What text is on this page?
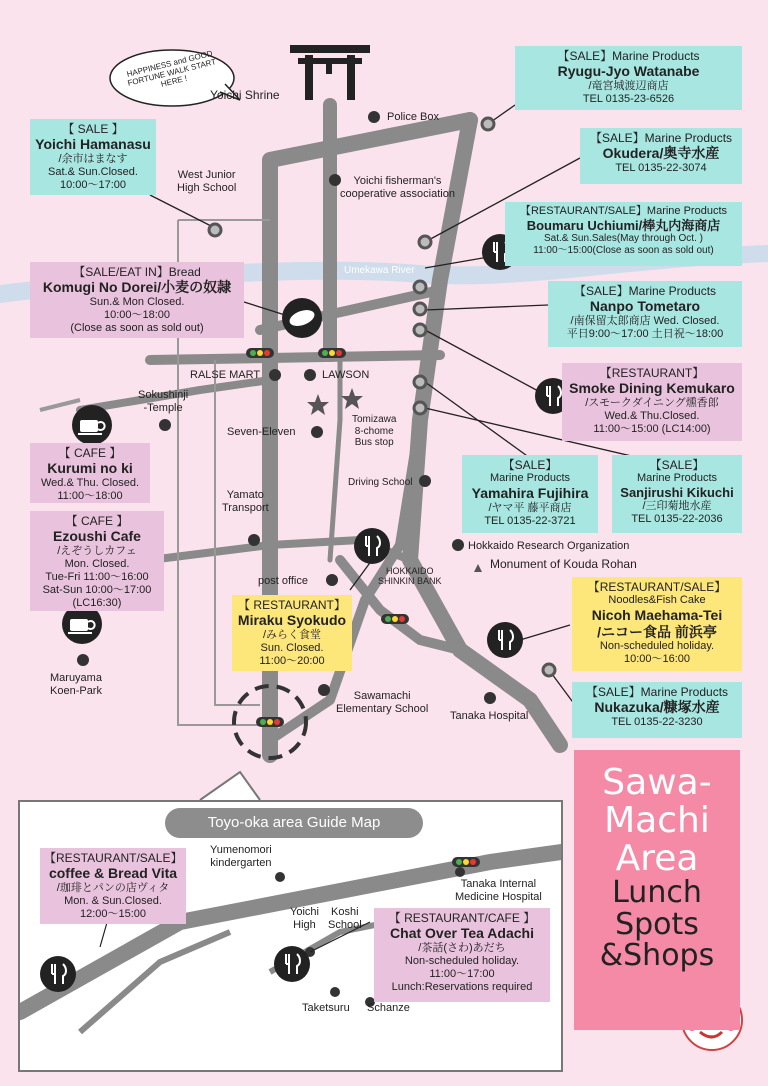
HAPPINESS and GOOD FORTUNE WALK START HERE !
Yoichi Shrine
Police Box
West Junior
High School
Yoichi fisherman's
cooperative association
Umekawa River
RALSE MART	LAWSON
Sokushinji
-Temple
Tomizawa
8-chome
Bus stop
Seven-Eleven
Driving School
Yamato
Transport
Hokkaido Research Organization
Monument of Kouda Rohan
post office
HOKKAIDO
SHINKIN BANK
Maruyama
Koen-Park	Sawamachi
Elementary School
Tanaka Hospital
【SALE】Marine Products
Ryugu-Jyo Watanabe
/竜宮城渡辺商店
TEL 0135-23-6526
【 SALE 】
Yoichi Hamanasu
/余市はまなす
Sat.& Sun.Closed.
10:00～17:00
【SALE】Marine Products
Okudera/奥寺水産
TEL 0135-22-3074
【RESTAURANT/SALE】Marine Products
Boumaru Uchiumi/棒丸内海商店
Sat.& Sun.Sales(May through Oct. )
11:00～15:00(Close as soon as sold out)
【SALE/EAT IN】Bread
Komugi No Dorei/小麦の奴隷
Sun.& Mon Closed.
10:00～18:00
(Close as soon as sold out)
【SALE】Marine Products
Nanpo Tometaro
/南保留太郎商店 Wed. Closed.
平日9:00～17:00 土日祝～18:00
【RESTAURANT】
Smoke Dining Kemukaro
/スモークダイニング燻香郎
Wed.& Thu.Closed.
11:00～15:00 (LC14:00)
【 CAFE 】
Kurumi no ki
Wed.& Thu. Closed.
11:00～18:00
【 CAFE 】
Ezoushi Cafe
/えぞうしカフェ
Mon. Closed.
Tue-Fri 11:00～16:00
Sat-Sun 10:00～17:00
(LC16:30)
【SALE】
Marine Products
Yamahira Fujihira
/ヤマ平 藤平商店
TEL 0135-22-3721
【SALE】
Marine Products
Sanjirushi Kikuchi
/三印菊地水産
TEL 0135-22-2036
【 RESTAURANT】
Miraku Syokudo
/みらく食堂
Sun. Closed.
11:00～20:00
【RESTAURANT/SALE】
Noodles&Fish Cake
Nicoh Maehama-Tei
/ニコー食品 前浜亭
Non-scheduled holiday.
10:00～16:00
【SALE】Marine Products
Nukazuka/糠塚水産
TEL 0135-22-3230
Yumenomori
kindergarten
Tanaka Internal
Medicine Hospital
Yoichi
High
Koshi
School
Taketsuru Schanze
【RESTAURANT/SALE】
coffee & Bread Vita
/珈琲とパンの店ヴィタ
Mon. & Sun.Closed.
12:00～15:00	【 RESTAURANT/CAFE 】
Chat Over Tea Adachi
/茶話(さわ)あだち
Non-scheduled holiday.
11:00～17:00
Lunch:Reservations required
Toyo-oka area Guide Map
Sawa-
Machi
Area
Lunch
Spots
&Shops
